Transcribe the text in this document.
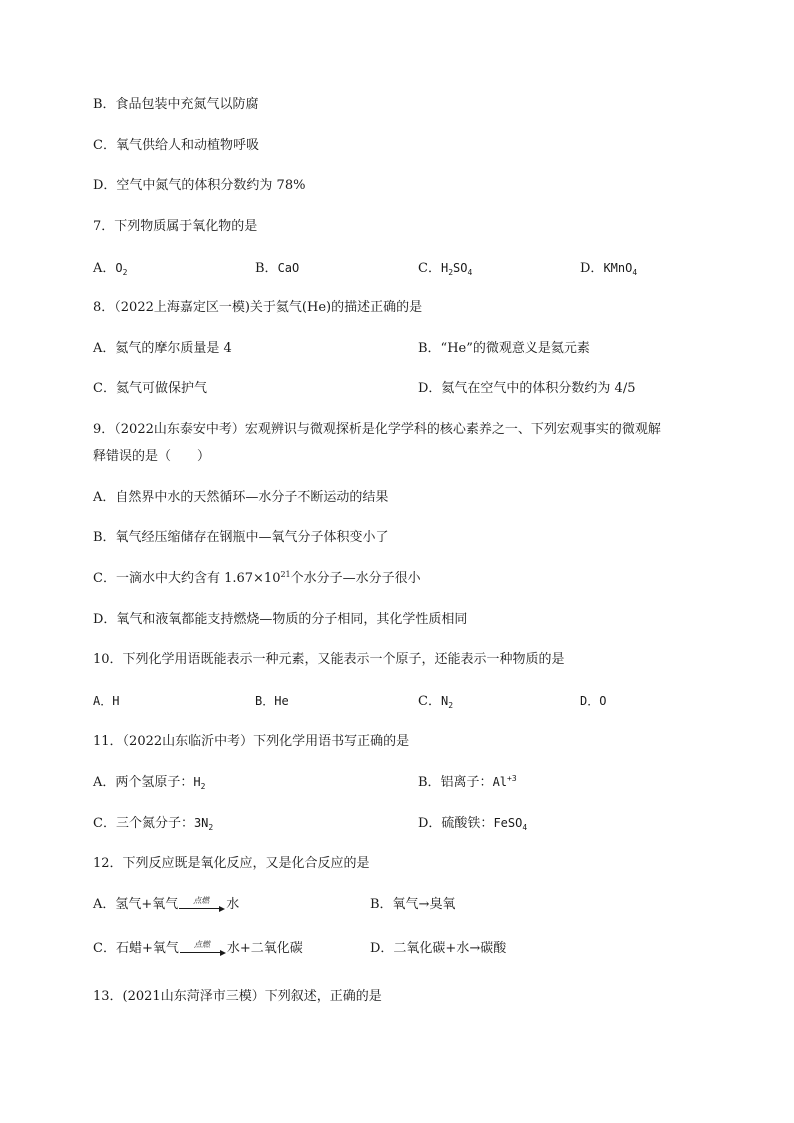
B．食品包装中充氮气以防腐
C．氧气供给人和动植物呼吸
D．空气中氮气的体积分数约为 78%
7．下列物质属于氧化物的是
A．$O_2$	B．CaO	C．$H_2SO_4$	D．KMnO$_4$
8．（2022上海嘉定区一模)关于氦气(He)的描述正确的是
A．氦气的摩尔质量是 4	B．“He”的微观意义是氦元素
C．氦气可做保护气	D．氦气在空气中的体积分数约为 4/5
9．（2022山东泰安中考）宏观辨识与微观探析是化学学科的核心素养之一、下列宏观事实的微观解
释错误的是（　　）
A．自然界中水的天然循环—水分子不断运动的结果
B．氧气经压缩储存在钢瓶中—氧气分子体积变小了
C．一滴水中大约含有 $1.67\times 10^{21}$个水分子—水分子很小
D．氧气和液氧都能支持燃烧—物质的分子相同，其化学性质相同
10．下列化学用语既能表示一种元素，又能表示一个原子，还能表示一种物质的是
A．H	B．He	C．$N_2$	D．O
11．（2022山东临沂中考）下列化学用语书写正确的是
A．两个氢原子：$H_2$	B．铝离子：$Al^{+3}$
C．三个氮分子：$3N_2$	D．硫酸铁：FeSO$_4$
12．下列反应既是氧化反应，又是化合反应的是
A．氢气+氧气 点燃 水	B．氧气→臭氧
C．石蜡+氧气 点燃 水+二氧化碳	D．二氧化碳+水→碳酸
13．(2021山东菏泽市三模）下列叙述，正确的是
